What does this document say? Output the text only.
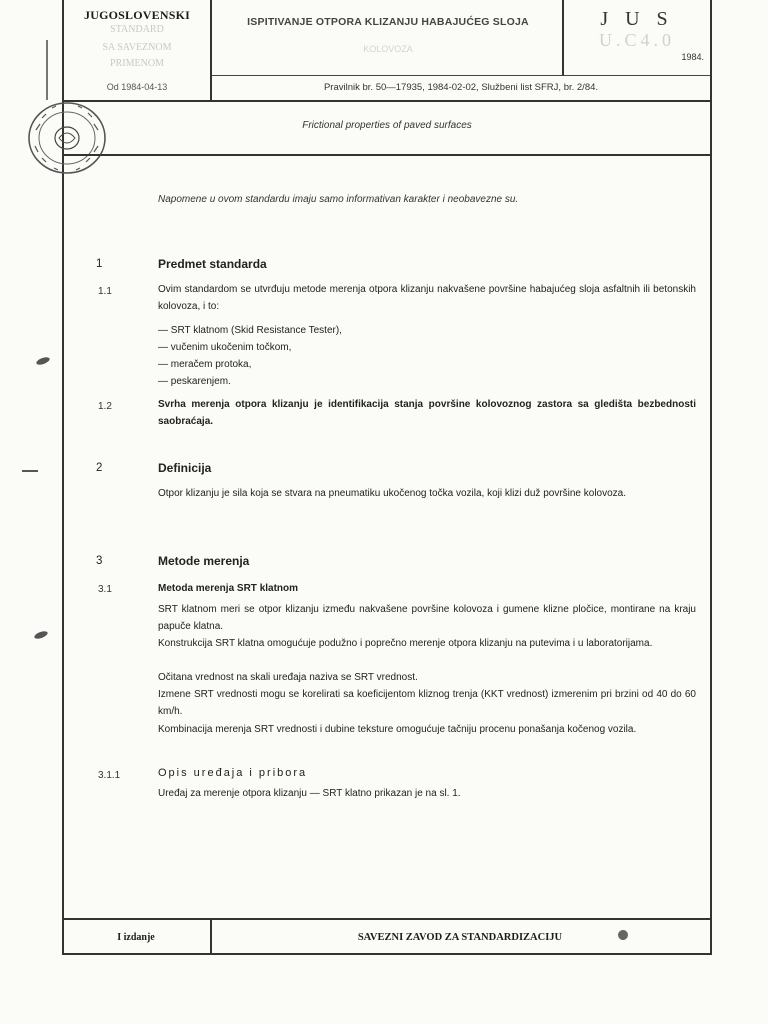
JUGOSLOVENSKI
STANDARD
SA SAVEZNOM
PRIMENOM
Od 1984-04-13
ISPITIVANJE OTPORA KLIZANJU HABAJUĆEG SLOJA
KOLOVOZA
J U S
U.C4.0
1984.
Pravilnik br. 50—17935, 1984-02-02, Službeni list SFRJ, br. 2/84.
Frictional properties of paved surfaces
Napomene u ovom standardu imaju samo informativan karakter i neobavezne su.
1	Predmet standarda
1.1	Ovim standardom se utvrđuju metode merenja otpora klizanju nakvašene površine habajućeg sloja asfaltnih ili betonskih kolovoza, i to:
— SRT klatnom (Skid Resistance Tester),
— vučenim ukočenim točkom,
— meračem protoka,
— peskarenjem.
1.2	Svrha merenja otpora klizanju je identifikacija stanja površine kolovoznog zastora sa gledišta bezbednosti saobraćaja.
2	Definicija
Otpor klizanju je sila koja se stvara na pneumatiku ukočenog točka vozila, koji klizi duž površine kolovoza.
3	Metode merenja
3.1	Metoda merenja SRT klatnom
SRT klatnom meri se otpor klizanju između nakvašene površine kolovoza i gumene klizne pločice, montirane na kraju papuče klatna.
Konstrukcija SRT klatna omogućuje podužno i poprečno merenje otpora klizanju na putevima i u laboratorijama.
Očitana vrednost na skali uređaja naziva se SRT vrednost.
Izmene SRT vrednosti mogu se korelirati sa koeficijentom kliznog trenja (KKT vrednost) izmerenim pri brzini od 40 do 60 km/h.
Kombinacija merenja SRT vrednosti i dubine teksture omogućuje tačniju procenu ponašanja kočenog vozila.
3.1.1	Opis uređaja i pribora
Uređaj za merenje otpora klizanju — SRT klatno prikazan je na sl. 1.
I izdanje	SAVEZNI ZAVOD ZA STANDARDIZACIJU
